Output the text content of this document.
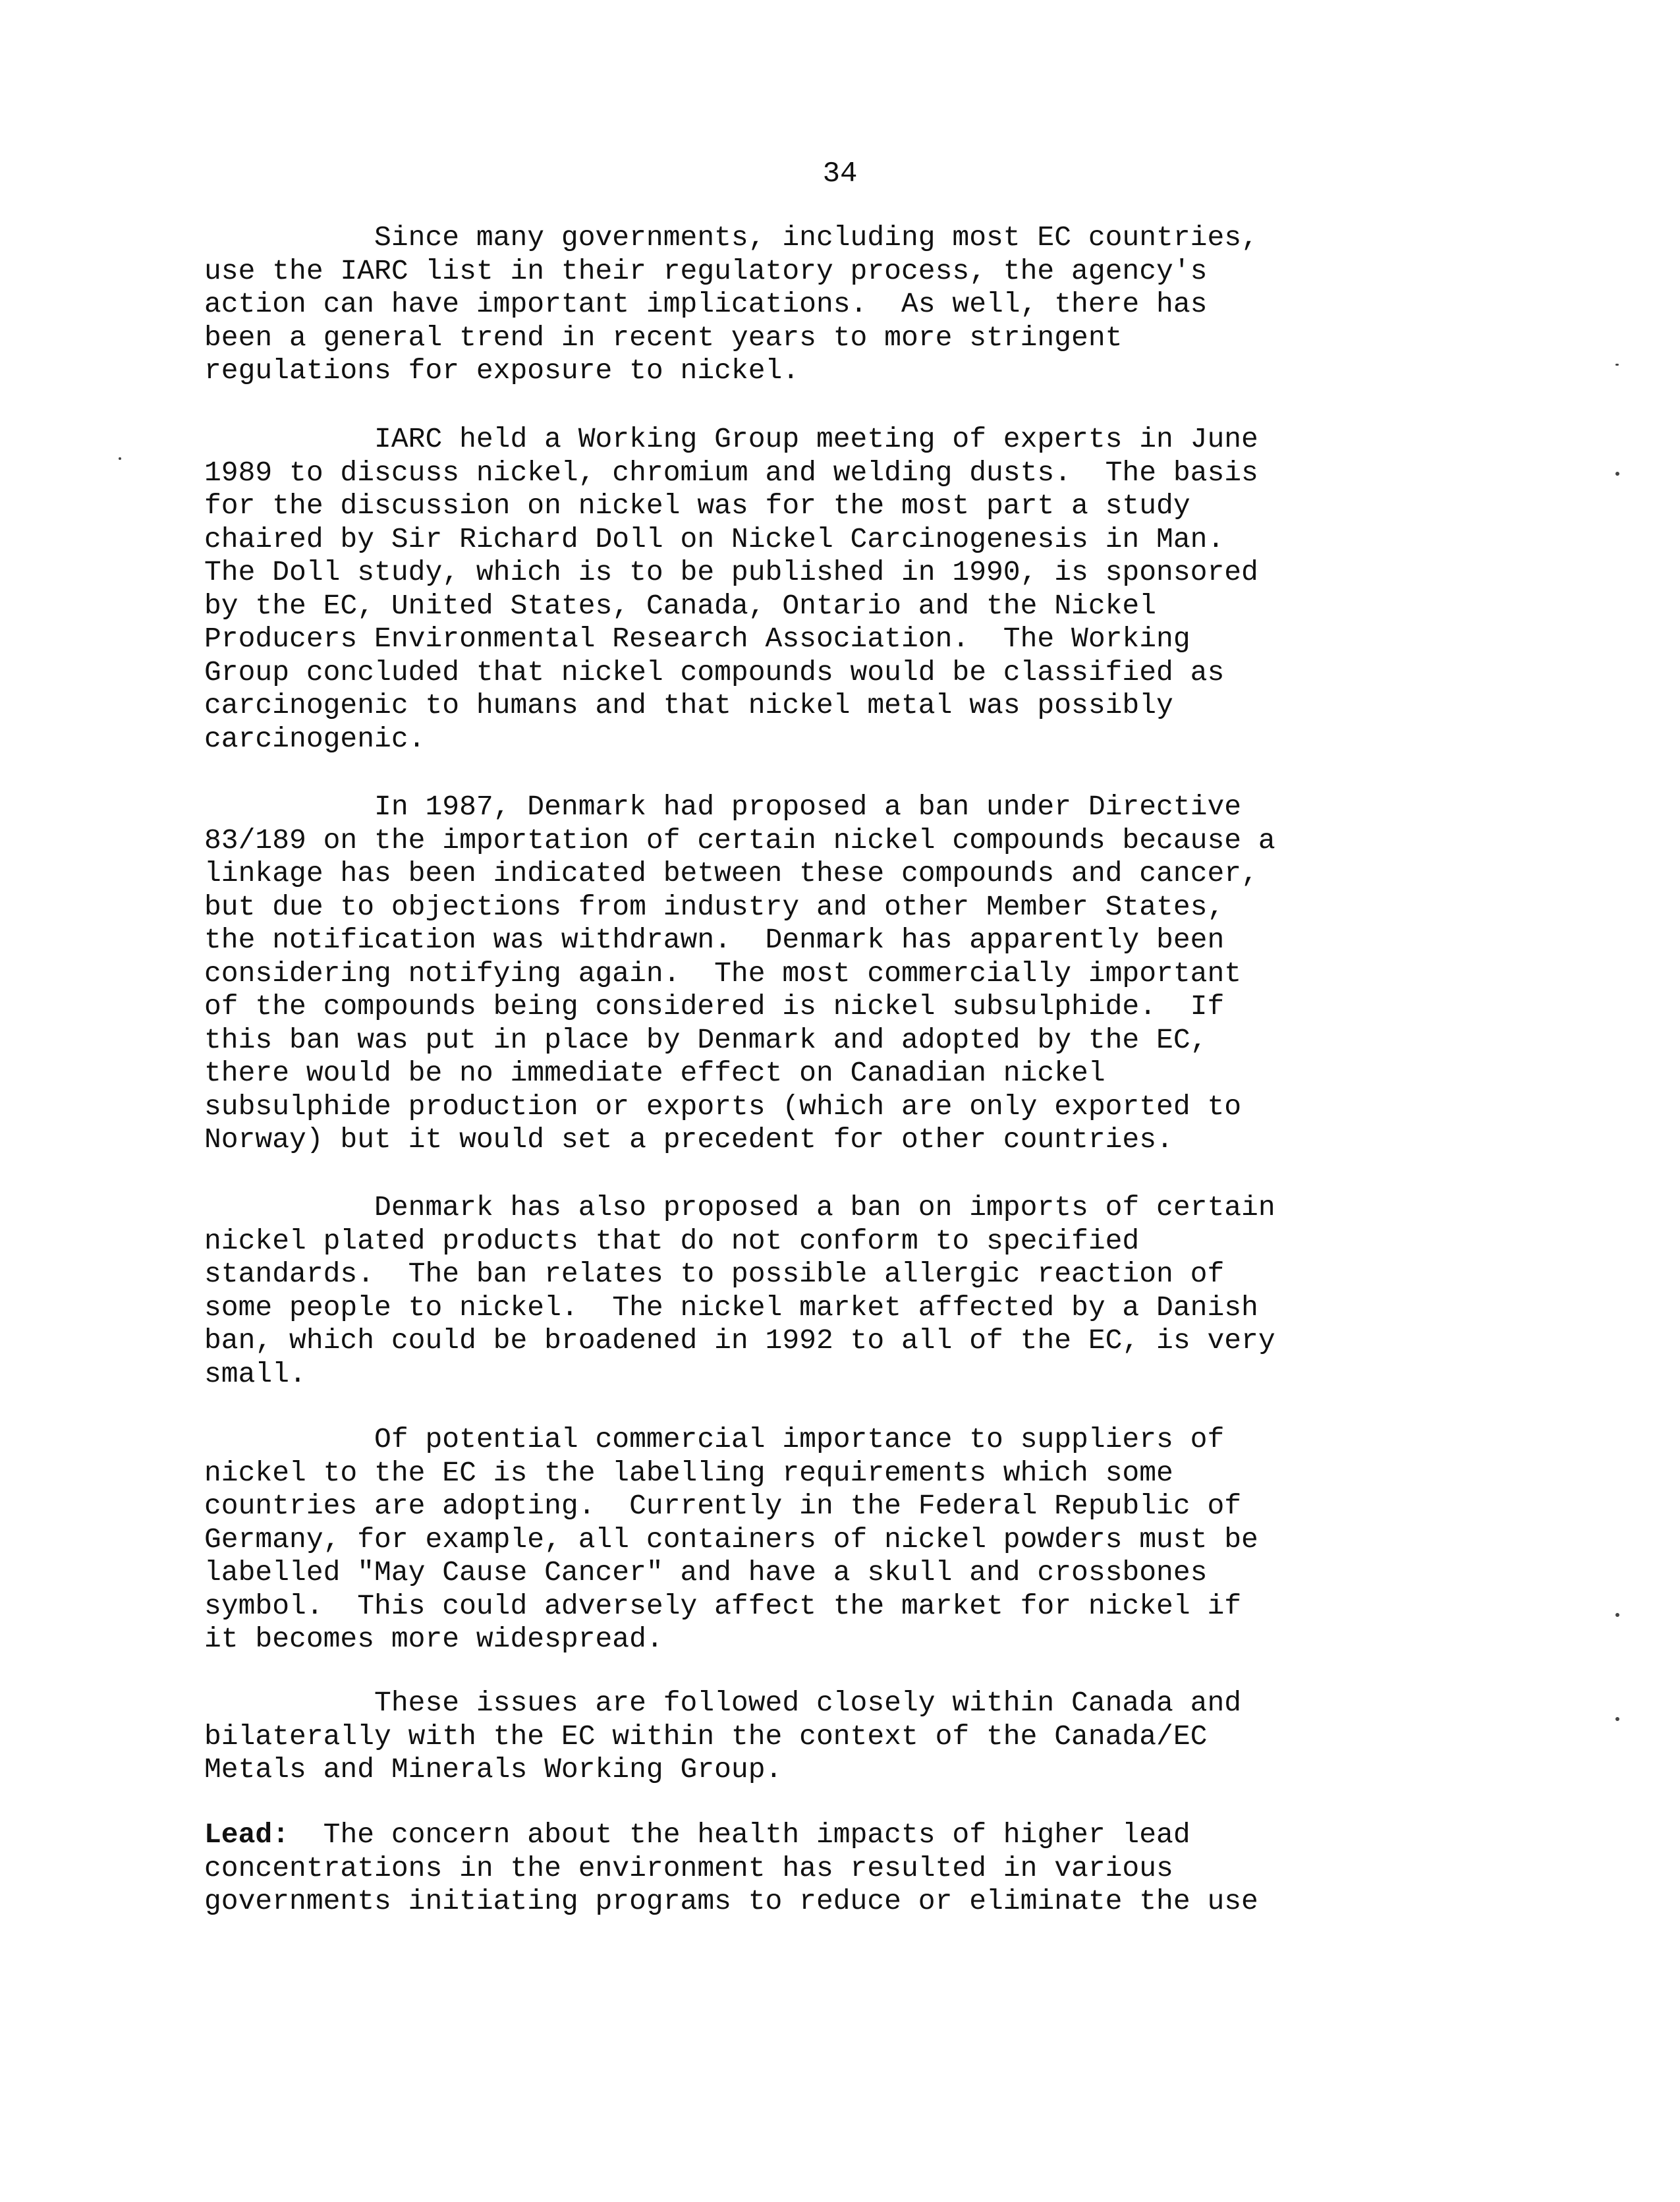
34
Since many governments, including most EC countries,
use the IARC list in their regulatory process, the agency's
action can have important implications.  As well, there has
been a general trend in recent years to more stringent
regulations for exposure to nickel.
IARC held a Working Group meeting of experts in June
1989 to discuss nickel, chromium and welding dusts.  The basis
for the discussion on nickel was for the most part a study
chaired by Sir Richard Doll on Nickel Carcinogenesis in Man.
The Doll study, which is to be published in 1990, is sponsored
by the EC, United States, Canada, Ontario and the Nickel
Producers Environmental Research Association.  The Working
Group concluded that nickel compounds would be classified as
carcinogenic to humans and that nickel metal was possibly
carcinogenic.
In 1987, Denmark had proposed a ban under Directive
83/189 on the importation of certain nickel compounds because a
linkage has been indicated between these compounds and cancer,
but due to objections from industry and other Member States,
the notification was withdrawn.  Denmark has apparently been
considering notifying again.  The most commercially important
of the compounds being considered is nickel subsulphide.  If
this ban was put in place by Denmark and adopted by the EC,
there would be no immediate effect on Canadian nickel
subsulphide production or exports (which are only exported to
Norway) but it would set a precedent for other countries.
Denmark has also proposed a ban on imports of certain
nickel plated products that do not conform to specified
standards.  The ban relates to possible allergic reaction of
some people to nickel.  The nickel market affected by a Danish
ban, which could be broadened in 1992 to all of the EC, is very
small.
Of potential commercial importance to suppliers of
nickel to the EC is the labelling requirements which some
countries are adopting.  Currently in the Federal Republic of
Germany, for example, all containers of nickel powders must be
labelled "May Cause Cancer" and have a skull and crossbones
symbol.  This could adversely affect the market for nickel if
it becomes more widespread.
These issues are followed closely within Canada and
bilaterally with the EC within the context of the Canada/EC
Metals and Minerals Working Group.
Lead:  The concern about the health impacts of higher lead
concentrations in the environment has resulted in various
governments initiating programs to reduce or eliminate the use
